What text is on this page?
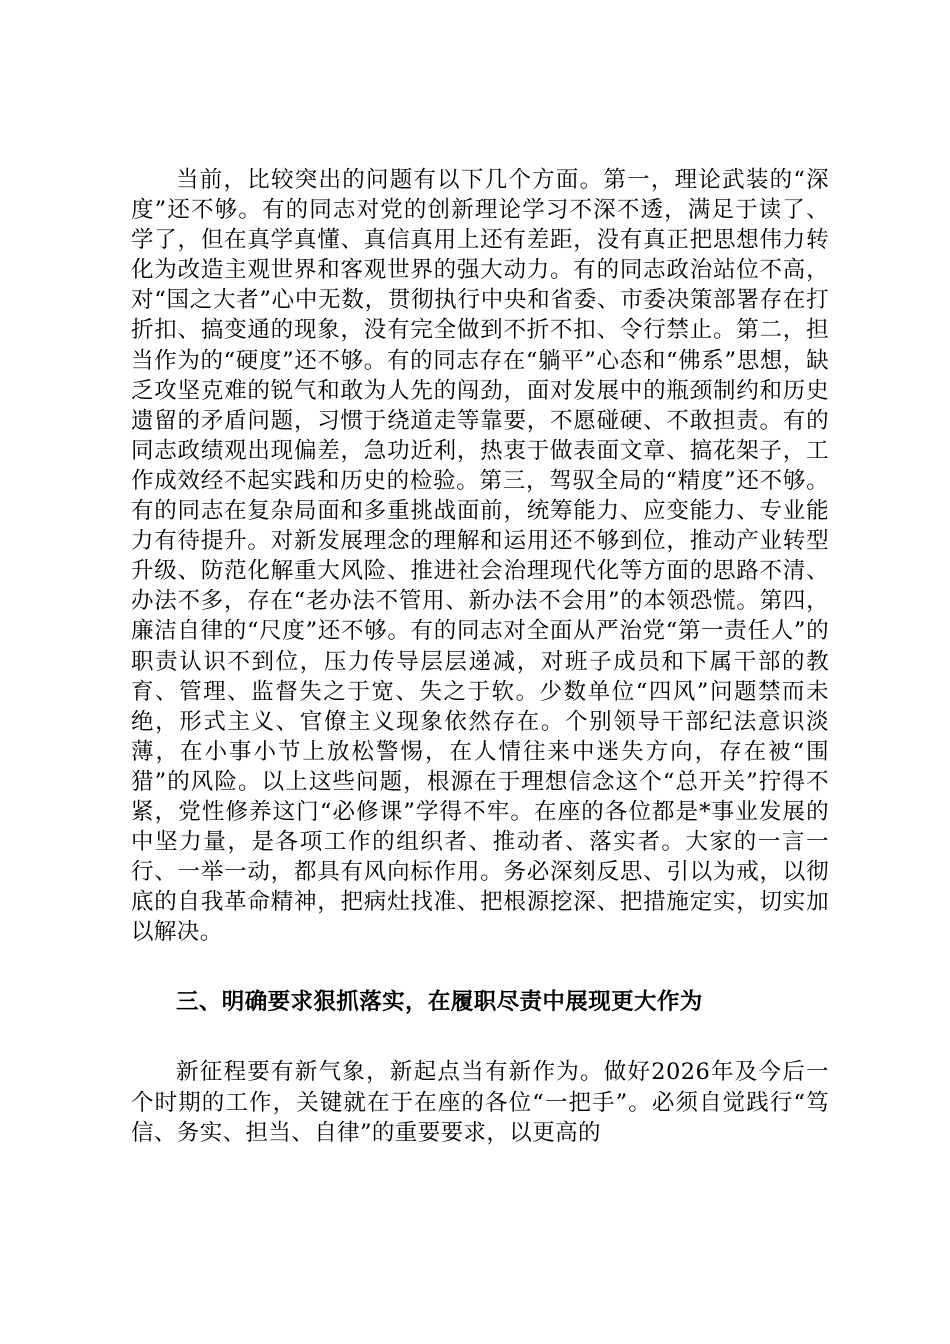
当前，比较突出的问题有以下几个方面。第一，理论武装的“深度”还不够。有的同志对党的创新理论学习不深不透，满足于读了、学了，但在真学真懂、真信真用上还有差距，没有真正把思想伟力转化为改造主观世界和客观世界的强大动力。有的同志政治站位不高，对“国之大者”心中无数，贯彻执行中央和省委、市委决策部署存在打折扣、搞变通的现象，没有完全做到不折不扣、令行禁止。第二，担当作为的“硬度”还不够。有的同志存在“躺平”心态和“佛系”思想，缺乏攻坚克难的锐气和敢为人先的闯劲，面对发展中的瓶颈制约和历史遗留的矛盾问题，习惯于绕道走等靠要，不愿碰硬、不敢担责。有的同志政绩观出现偏差，急功近利，热衷于做表面文章、搞花架子，工作成效经不起实践和历史的检验。第三，驾驭全局的“精度”还不够。有的同志在复杂局面和多重挑战面前，统筹能力、应变能力、专业能力有待提升。对新发展理念的理解和运用还不够到位，推动产业转型升级、防范化解重大风险、推进社会治理现代化等方面的思路不清、办法不多，存在“老办法不管用、新办法不会用”的本领恐慌。第四，廉洁自律的“尺度”还不够。有的同志对全面从严治党“第一责任人”的职责认识不到位，压力传导层层递减，对班子成员和下属干部的教育、管理、监督失之于宽、失之于软。少数单位“四风”问题禁而未绝，形式主义、官僚主义现象依然存在。个别领导干部纪法意识淡薄，在小事小节上放松警惕，在人情往来中迷失方向，存在被“围猎”的风险。以上这些问题，根源在于理想信念这个“总开关”拧得不紧，党性修养这门“必修课”学得不牢。在座的各位都是*事业发展的中坚力量，是各项工作的组织者、推动者、落实者。大家的一言一行、一举一动，都具有风向标作用。务必深刻反思、引以为戒，以彻底的自我革命精神，把病灶找准、把根源挖深、把措施定实，切实加以解决。

三、明确要求狠抓落实，在履职尽责中展现更大作为

新征程要有新气象，新起点当有新作为。做好2026年及今后一个时期的工作，关键就在于在座的各位“一把手”。必须自觉践行“笃信、务实、担当、自律”的重要要求，以更高的
